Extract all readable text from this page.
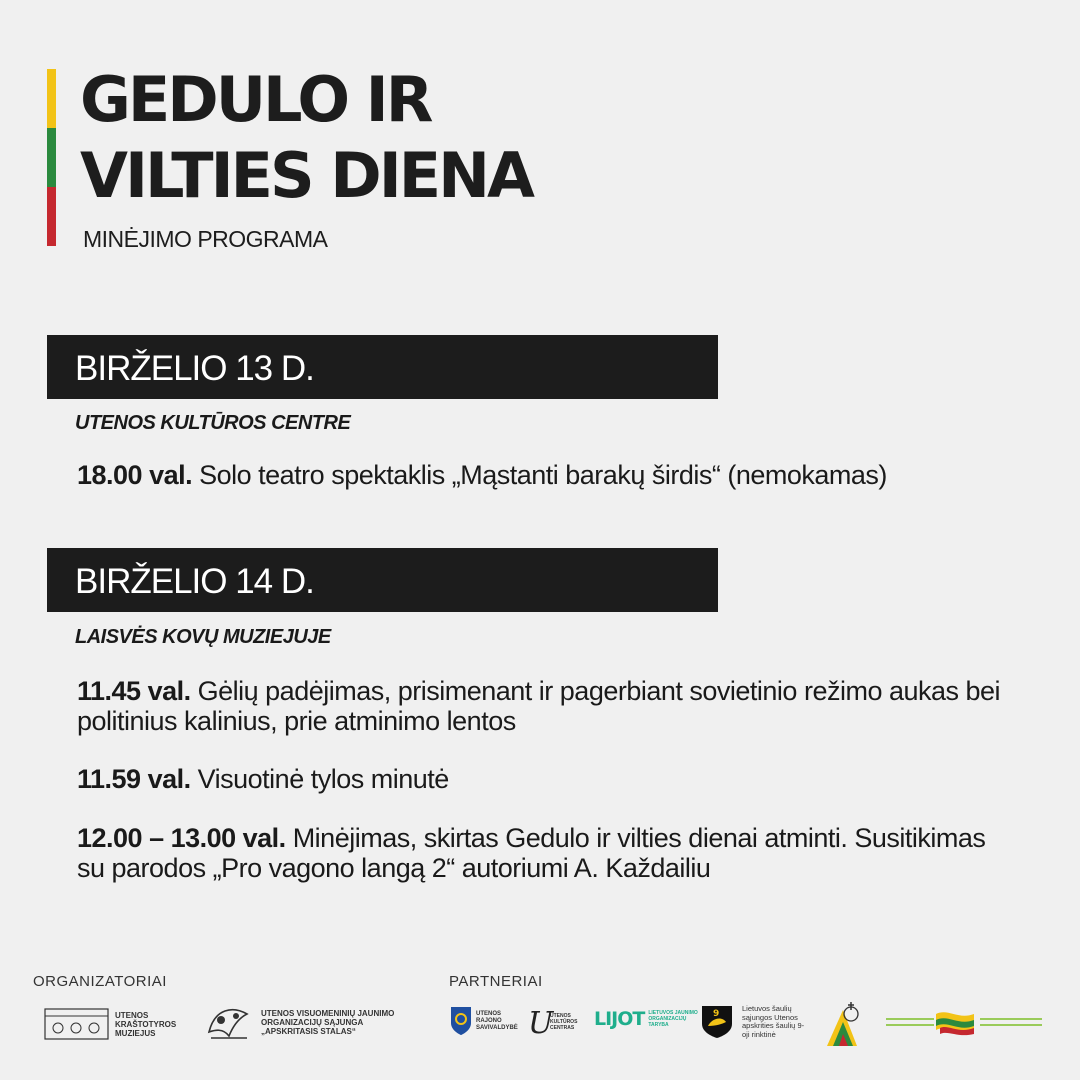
GEDULO IR
VILTIES DIENA
MINĖJIMO PROGRAMA
BIRŽELIO 13 D.
UTENOS KULTŪROS CENTRE
18.00 val. Solo teatro spektaklis „Mąstanti barakų širdis“ (nemokamas)
BIRŽELIO 14 D.
LAISVĖS KOVŲ MUZIEJUJE
11.45 val. Gėlių padėjimas, prisimenant ir pagerbiant sovietinio režimo aukas bei politinius kalinius, prie atminimo lentos
11.59 val. Visuotinė tylos minutė
12.00 – 13.00 val. Minėjimas, skirtas Gedulo ir vilties dienai atminti. Susitikimas su parodos „Pro vagono langą 2“ autoriumi A. Každailiu
ORGANIZATORIAI	PARTNERIAI
UTENOS KRAŠTOTYROS MUZIEJUS
UTENOS VISUOMENINIŲ JAUNIMO ORGANIZACIJŲ SĄJUNGA „APSKRITASIS STALAS“
UTENOS RAJONO SAVIVALDYBĖ U
UTENOS KULTŪROS CENTRAS	LIJOT LIETUVOS JAUNIMO ORGANIZACIJŲ TARYBA
9
Lietuvos šaulių sąjungos Utenos apskrities šaulių 9-oji rinktinė
